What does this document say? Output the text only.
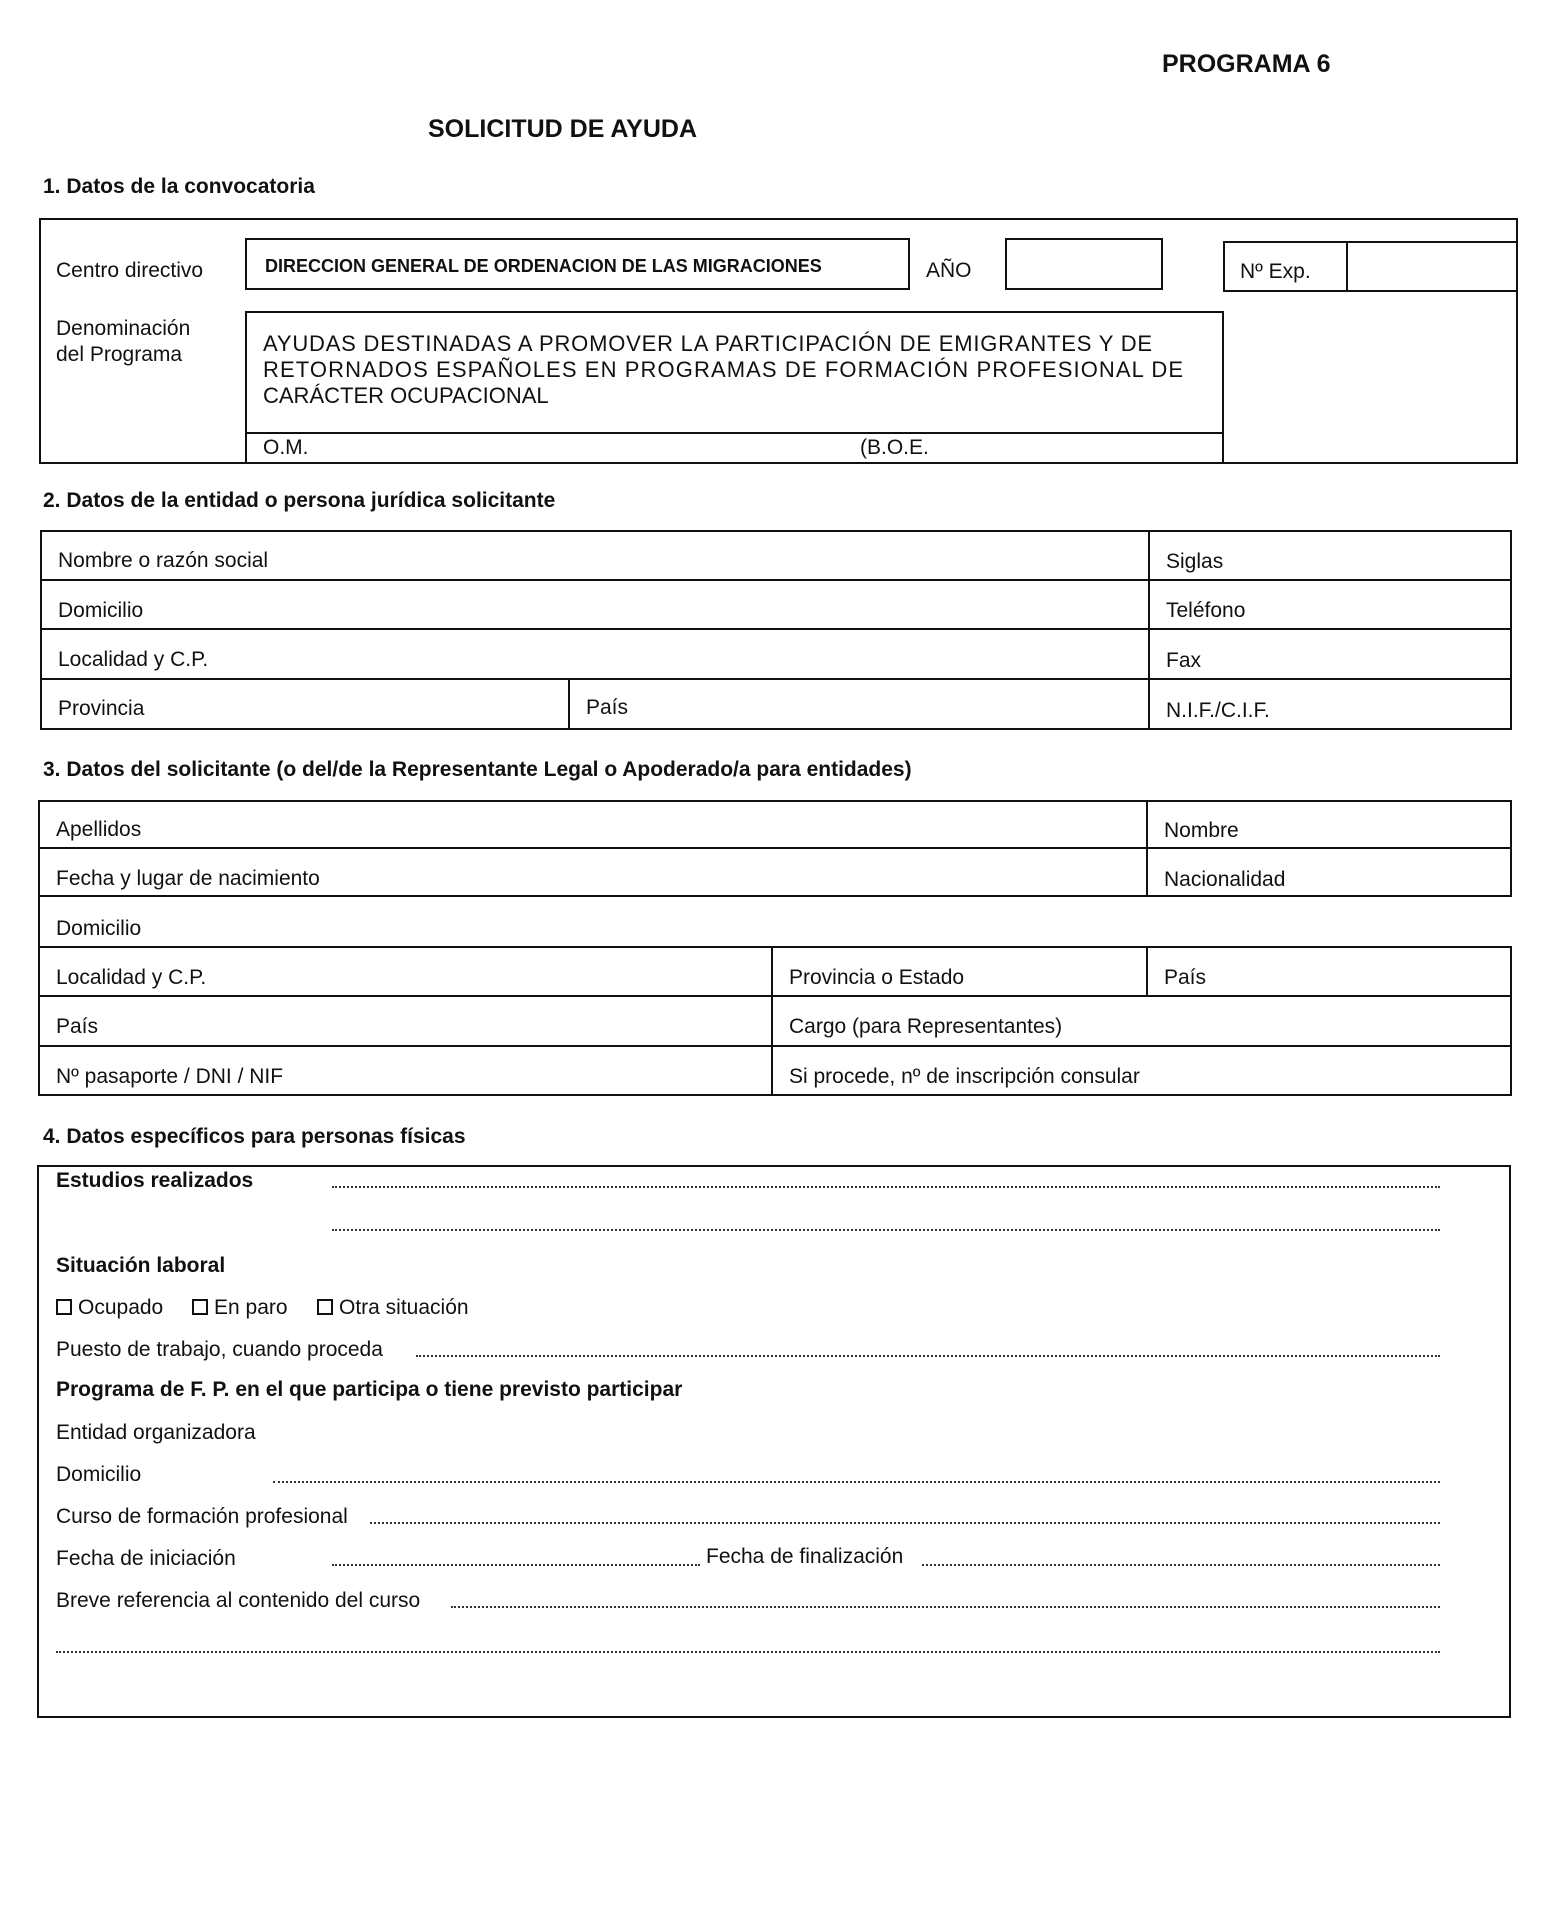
PROGRAMA 6
SOLICITUD DE AYUDA
1. Datos de la convocatoria
Centro directivo	DIRECCION GENERAL DE ORDENACION DE LAS MIGRACIONES	AÑO	Nº Exp.
Denominación
del Programa	AYUDAS DESTINADAS A PROMOVER LA PARTICIPACIÓN DE EMIGRANTES Y DE
RETORNADOS ESPAÑOLES EN PROGRAMAS DE FORMACIÓN PROFESIONAL DE
CARÁCTER OCUPACIONAL
O.M.	(B.O.E.
2. Datos de la entidad o persona jurídica solicitante
Nombre o razón social	Siglas
Domicilio	Teléfono
Localidad y C.P.	Fax
Provincia	País	N.I.F./C.I.F.
3. Datos del solicitante (o del/de la Representante Legal o Apoderado/a para entidades)
Apellidos	Nombre
Fecha y lugar de nacimiento	Nacionalidad
Domicilio
Localidad y C.P.	Provincia o Estado	País
País	Cargo (para Representantes)
Nº pasaporte / DNI / NIF	Si procede, nº de inscripción consular
4. Datos específicos para personas físicas
Estudios realizados
Situación laboral
Ocupado	En paro	Otra situación
Puesto de trabajo, cuando proceda
Programa de F. P. en el que participa o tiene previsto participar
Entidad organizadora
Domicilio
Curso de formación profesional
Fecha de iniciación	Fecha de finalización
Breve referencia al contenido del curso
